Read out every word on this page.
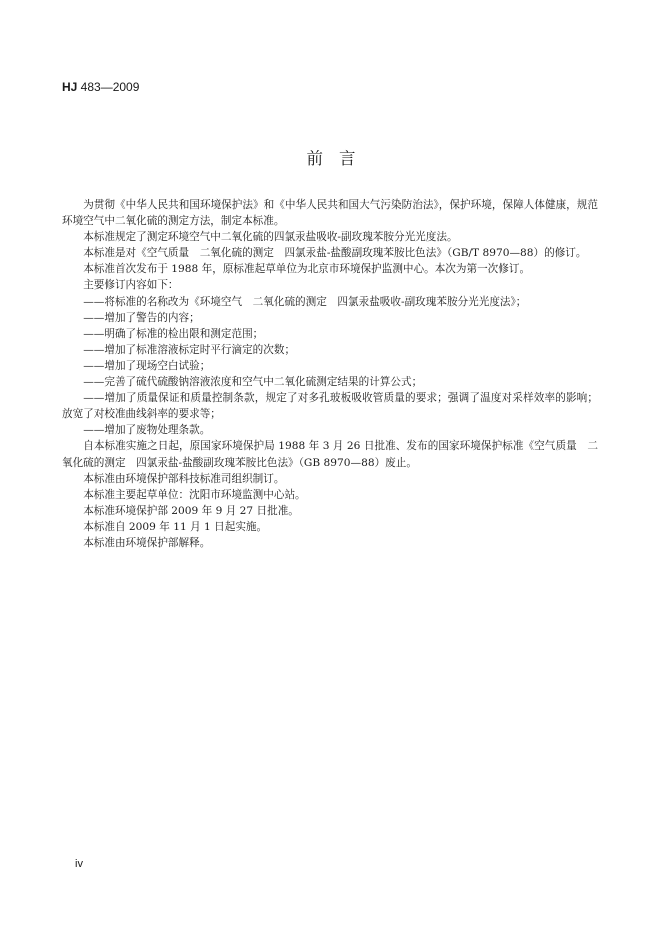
HJ 483—2009
前言

为贯彻《中华人民共和国环境保护法》和《中华人民共和国大气污染防治法》，保护环境，保障人体健康，规范环境空气中二氧化硫的测定方法，制定本标准。

本标准规定了测定环境空气中二氧化硫的四氯汞盐吸收-副玫瑰苯胺分光光度法。

本标准是对《空气质量　二氧化硫的测定　四氯汞盐-盐酸副玫瑰苯胺比色法》（GB/T 8970—88）的修订。

本标准首次发布于 1988 年，原标准起草单位为北京市环境保护监测中心。本次为第一次修订。

主要修订内容如下：

——将标准的名称改为《环境空气　二氧化硫的测定　四氯汞盐吸收-副玫瑰苯胺分光光度法》；

——增加了警告的内容；

——明确了标准的检出限和测定范围；

——增加了标准溶液标定时平行滴定的次数；

——增加了现场空白试验；

——完善了硫代硫酸钠溶液浓度和空气中二氧化硫测定结果的计算公式；

——增加了质量保证和质量控制条款，规定了对多孔玻板吸收管质量的要求；强调了温度对采样效率的影响；放宽了对校准曲线斜率的要求等；

——增加了废物处理条款。

自本标准实施之日起，原国家环境保护局 1988 年 3 月 26 日批准、发布的国家环境保护标准《空气质量　二氧化硫的测定　四氯汞盐-盐酸副玫瑰苯胺比色法》（GB 8970—88）废止。

本标准由环境保护部科技标准司组织制订。

本标准主要起草单位：沈阳市环境监测中心站。

本标准环境保护部 2009 年 9 月 27 日批准。

本标准自 2009 年 11 月 1 日起实施。

本标准由环境保护部解释。

iv
